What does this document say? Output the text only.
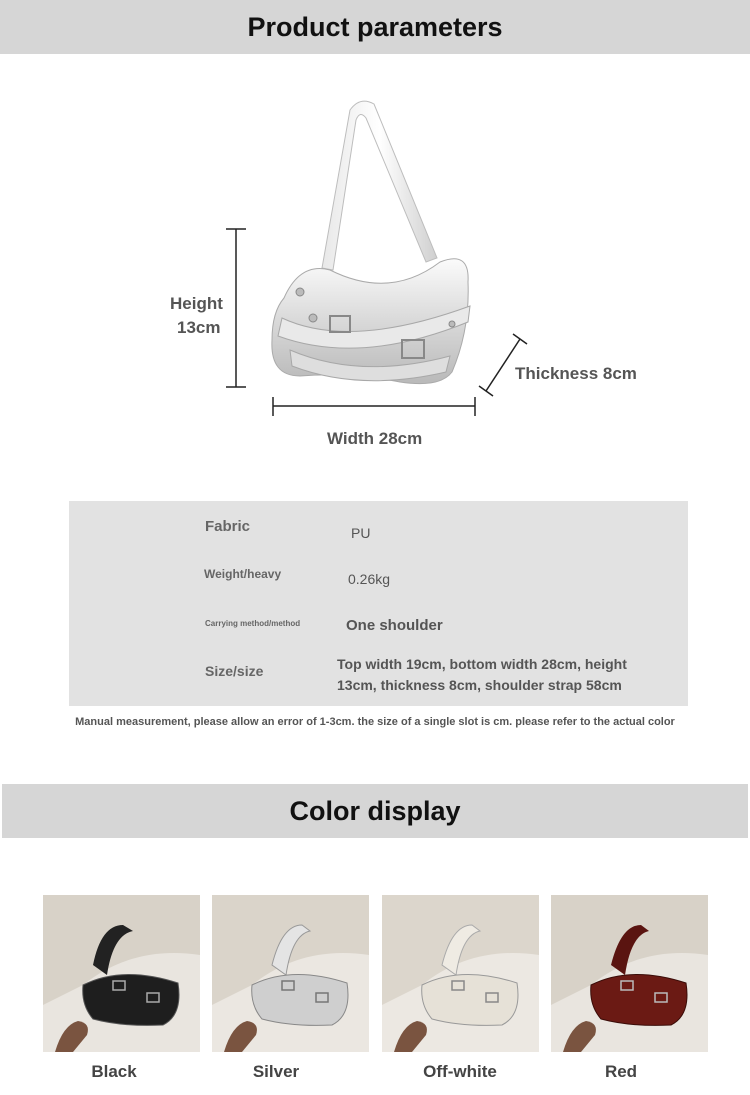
Product parameters
Height
13cm
Width 28cm
Thickness 8cm
Fabric	PU
Weight/heavy	0.26kg
Carrying method/method	One shoulder
Size/size	Top width 19cm, bottom width 28cm, height
13cm, thickness 8cm, shoulder strap 58cm
Manual measurement, please allow an error of 1-3cm. the size of a single slot is cm. please refer to the actual color
Color display
Black	Silver	Off-white	Red
